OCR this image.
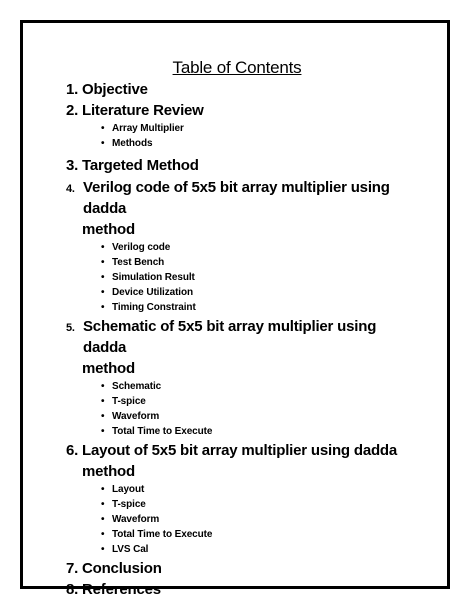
Table of Contents
1. Objective
2. Literature Review
• Array Multiplier
• Methods
3. Targeted Method
4. Verilog code of 5x5 bit array multiplier using dadda
method
• Verilog code
• Test Bench
• Simulation Result
• Device Utilization
• Timing Constraint
5. Schematic of 5x5 bit array multiplier using dadda
method
• Schematic
• T-spice
• Waveform
• Total Time to Execute
6. Layout of 5x5 bit array multiplier using dadda
method
• Layout
• T-spice
• Waveform
• Total Time to Execute
• LVS Cal
7. Conclusion
8. References
